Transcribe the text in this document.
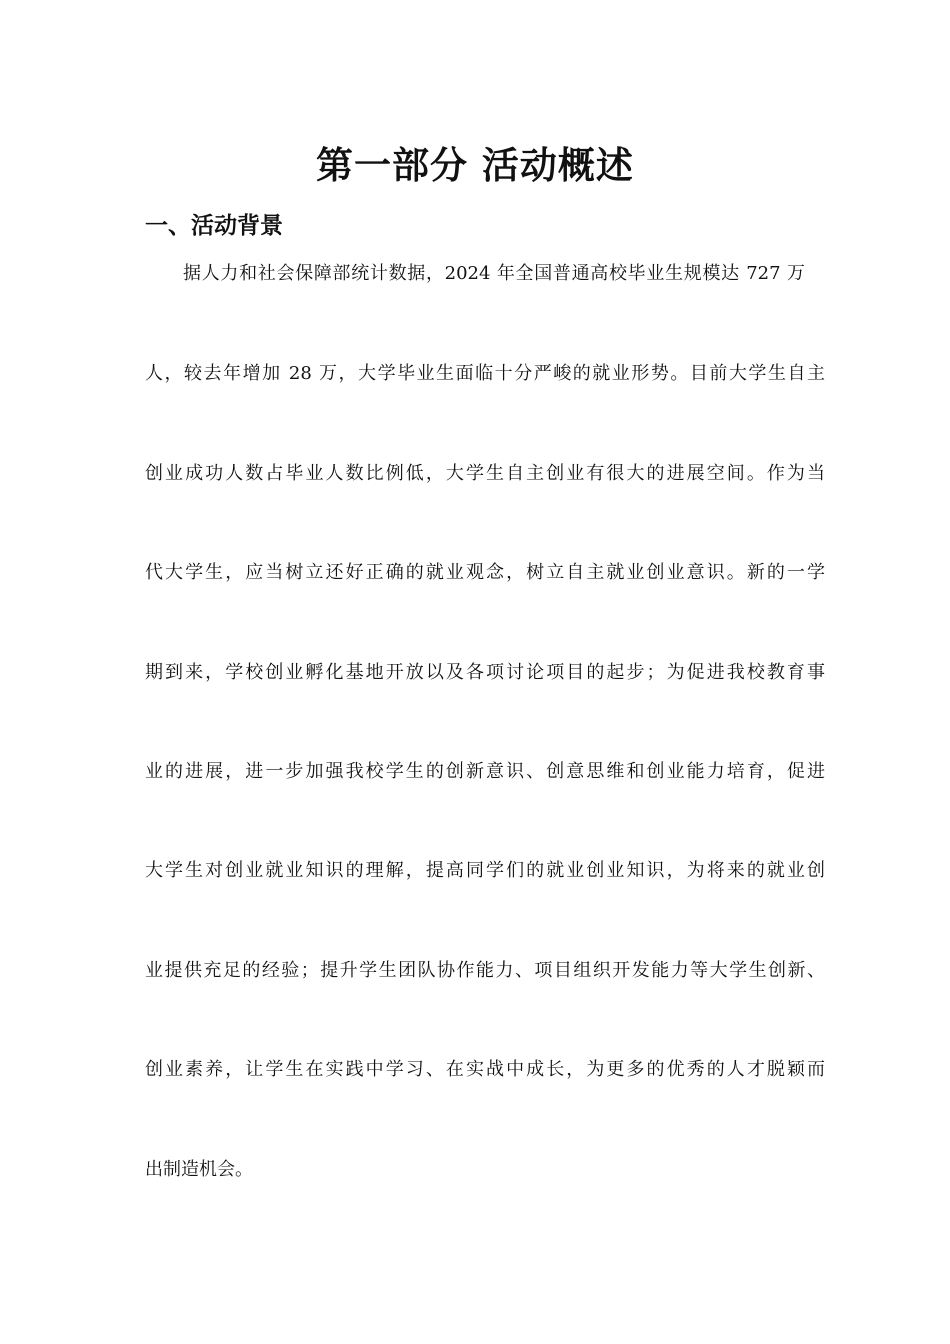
第一部分 活动概述
一、活动背景
据人力和社会保障部统计数据，2024 年全国普通高校毕业生规模达 727 万
人，较去年增加 28 万，大学毕业生面临十分严峻的就业形势。目前大学生自主
创业成功人数占毕业人数比例低，大学生自主创业有很大的进展空间。作为当
代大学生，应当树立还好正确的就业观念，树立自主就业创业意识。新的一学
期到来，学校创业孵化基地开放以及各项讨论项目的起步；为促进我校教育事
业的进展，进一步加强我校学生的创新意识、创意思维和创业能力培育，促进
大学生对创业就业知识的理解，提高同学们的就业创业知识，为将来的就业创
业提供充足的经验；提升学生团队协作能力、项目组织开发能力等大学生创新、
创业素养，让学生在实践中学习、在实战中成长，为更多的优秀的人才脱颖而
出制造机会。
